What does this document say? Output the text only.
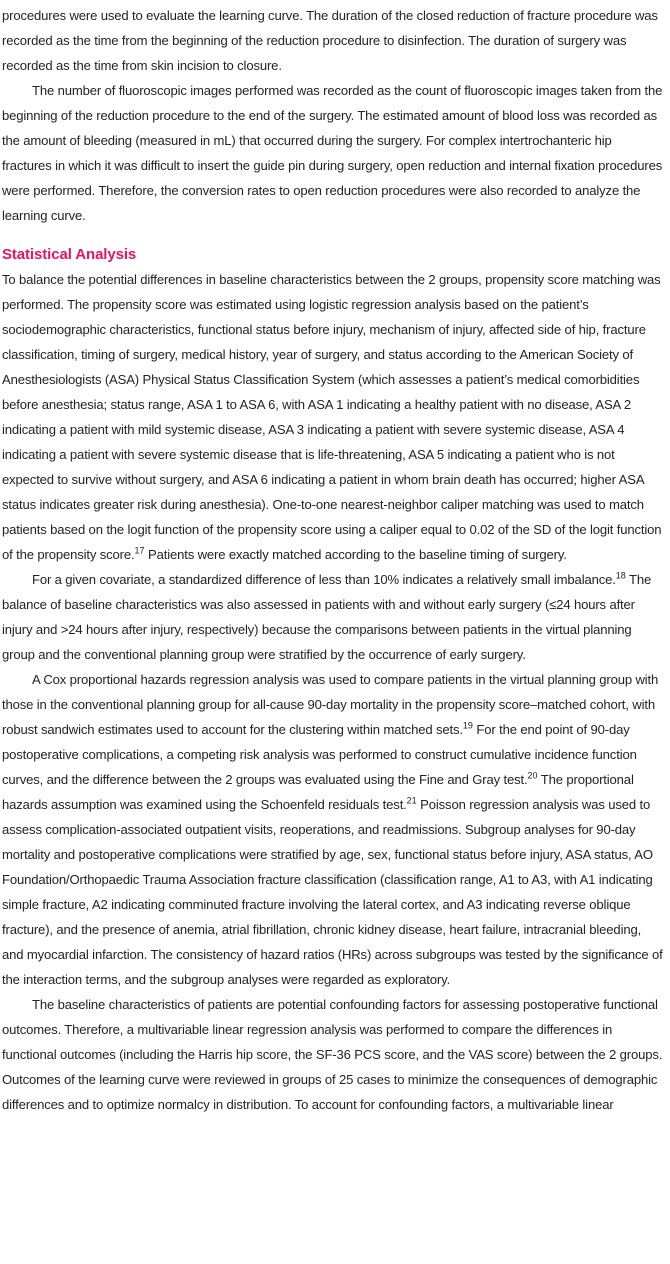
procedures were used to evaluate the learning curve. The duration of the closed reduction of fracture procedure was recorded as the time from the beginning of the reduction procedure to disinfection. The duration of surgery was recorded as the time from skin incision to closure.

The number of fluoroscopic images performed was recorded as the count of fluoroscopic images taken from the beginning of the reduction procedure to the end of the surgery. The estimated amount of blood loss was recorded as the amount of bleeding (measured in mL) that occurred during the surgery. For complex intertrochanteric hip fractures in which it was difficult to insert the guide pin during surgery, open reduction and internal fixation procedures were performed. Therefore, the conversion rates to open reduction procedures were also recorded to analyze the learning curve.

Statistical Analysis

To balance the potential differences in baseline characteristics between the 2 groups, propensity score matching was performed. The propensity score was estimated using logistic regression analysis based on the patient’s sociodemographic characteristics, functional status before injury, mechanism of injury, affected side of hip, fracture classification, timing of surgery, medical history, year of surgery, and status according to the American Society of Anesthesiologists (ASA) Physical Status Classification System (which assesses a patient’s medical comorbidities before anesthesia; status range, ASA 1 to ASA 6, with ASA 1 indicating a healthy patient with no disease, ASA 2 indicating a patient with mild systemic disease, ASA 3 indicating a patient with severe systemic disease, ASA 4 indicating a patient with severe systemic disease that is life-threatening, ASA 5 indicating a patient who is not expected to survive without surgery, and ASA 6 indicating a patient in whom brain death has occurred; higher ASA status indicates greater risk during anesthesia). One-to-one nearest-neighbor caliper matching was used to match patients based on the logit function of the propensity score using a caliper equal to 0.02 of the SD of the logit function of the propensity score.$^{17}$ Patients were exactly matched according to the baseline timing of surgery.

For a given covariate, a standardized difference of less than 10% indicates a relatively small imbalance.$^{18}$ The balance of baseline characteristics was also assessed in patients with and without early surgery (≤24 hours after injury and >24 hours after injury, respectively) because the comparisons between patients in the virtual planning group and the conventional planning group were stratified by the occurrence of early surgery.

A Cox proportional hazards regression analysis was used to compare patients in the virtual planning group with those in the conventional planning group for all-cause 90-day mortality in the propensity score–matched cohort, with robust sandwich estimates used to account for the clustering within matched sets.$^{19}$ For the end point of 90-day postoperative complications, a competing risk analysis was performed to construct cumulative incidence function curves, and the difference between the 2 groups was evaluated using the Fine and Gray test.$^{20}$ The proportional hazards assumption was examined using the Schoenfeld residuals test.$^{21}$ Poisson regression analysis was used to assess complication-associated outpatient visits, reoperations, and readmissions. Subgroup analyses for 90-day mortality and postoperative complications were stratified by age, sex, functional status before injury, ASA status, AO Foundation/Orthopaedic Trauma Association fracture classification (classification range, A1 to A3, with A1 indicating simple fracture, A2 indicating comminuted fracture involving the lateral cortex, and A3 indicating reverse oblique fracture), and the presence of anemia, atrial fibrillation, chronic kidney disease, heart failure, intracranial bleeding, and myocardial infarction. The consistency of hazard ratios (HRs) across subgroups was tested by the significance of the interaction terms, and the subgroup analyses were regarded as exploratory.

The baseline characteristics of patients are potential confounding factors for assessing postoperative functional outcomes. Therefore, a multivariable linear regression analysis was performed to compare the differences in functional outcomes (including the Harris hip score, the SF-36 PCS score, and the VAS score) between the 2 groups. Outcomes of the learning curve were reviewed in groups of 25 cases to minimize the consequences of demographic differences and to optimize normalcy in distribution. To account for confounding factors, a multivariable linear
